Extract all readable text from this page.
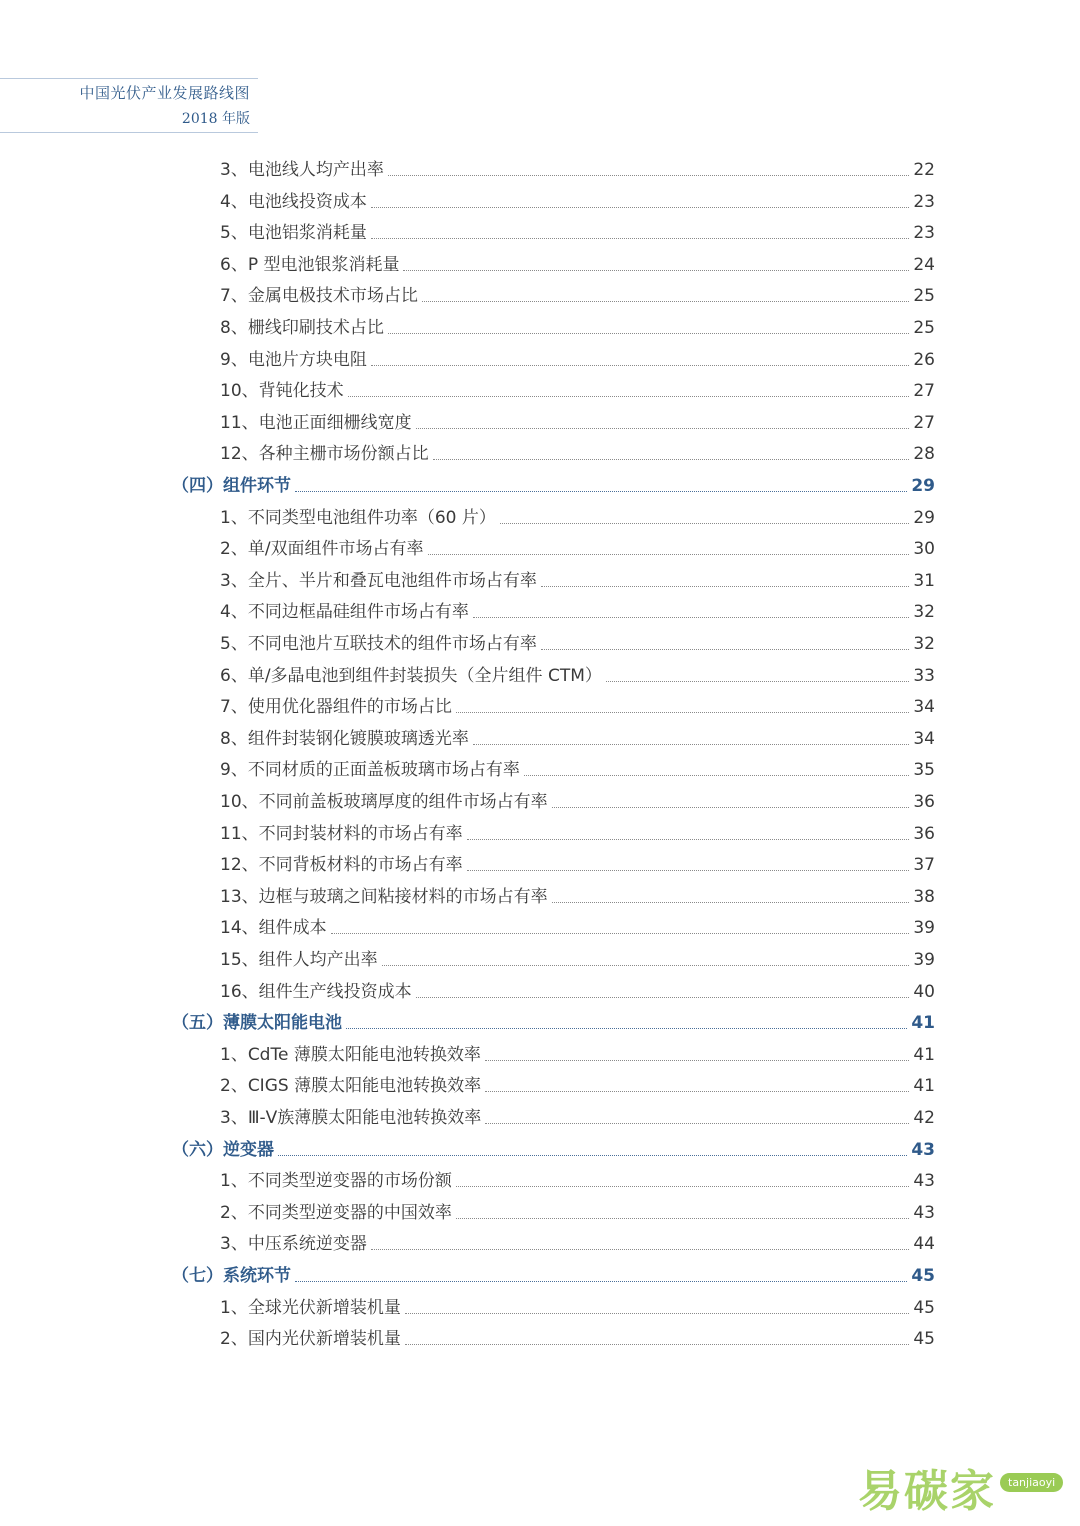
中国光伏产业发展路线图
2018 年版
3、电池线人均产出率	22
4、电池线投资成本	23
5、电池铝浆消耗量	23
6、P 型电池银浆消耗量	24
7、金属电极技术市场占比	25
8、栅线印刷技术占比	25
9、电池片方块电阻	26
10、背钝化技术	27
11、电池正面细栅线宽度	27
12、各种主栅市场份额占比	28
（四）组件环节	29
1、不同类型电池组件功率（60 片）	29
2、单/双面组件市场占有率	30
3、全片、半片和叠瓦电池组件市场占有率	31
4、不同边框晶硅组件市场占有率	32
5、不同电池片互联技术的组件市场占有率	32
6、单/多晶电池到组件封装损失（全片组件 CTM）	33
7、使用优化器组件的市场占比	34
8、组件封装钢化镀膜玻璃透光率	34
9、不同材质的正面盖板玻璃市场占有率	35
10、不同前盖板玻璃厚度的组件市场占有率	36
11、不同封装材料的市场占有率	36
12、不同背板材料的市场占有率	37
13、边框与玻璃之间粘接材料的市场占有率	38
14、组件成本	39
15、组件人均产出率	39
16、组件生产线投资成本	40
（五）薄膜太阳能电池	41
1、CdTe 薄膜太阳能电池转换效率	41
2、CIGS 薄膜太阳能电池转换效率	41
3、Ⅲ-Ⅴ族薄膜太阳能电池转换效率	42
（六）逆变器	43
1、不同类型逆变器的市场份额	43
2、不同类型逆变器的中国效率	43
3、中压系统逆变器	44
（七）系统环节	45
1、全球光伏新增装机量	45
2、国内光伏新增装机量	45
易碳家	tanjiaoyi
